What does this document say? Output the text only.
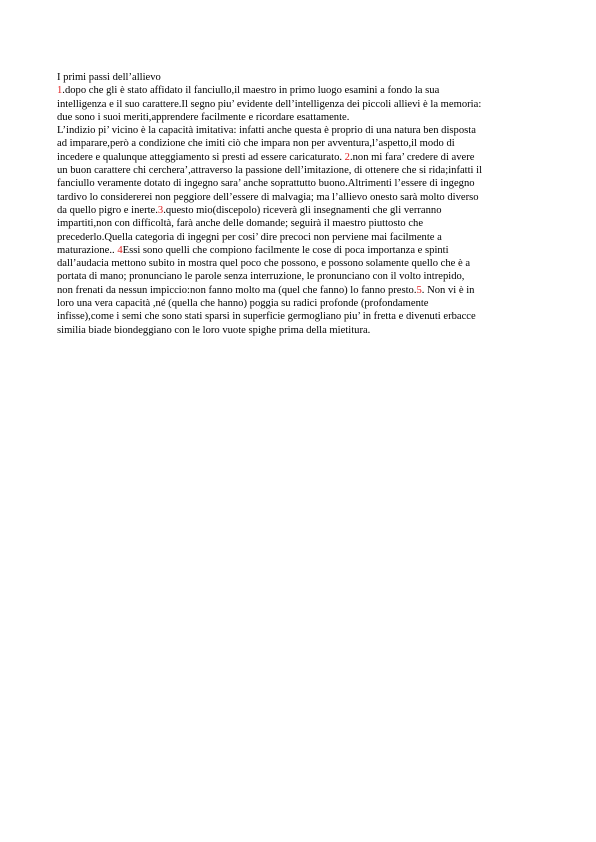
I primi passi dell’allievo
1.dopo che gli è stato affidato il fanciullo,il maestro in primo luogo esamini a fondo la sua
intelligenza e il suo carattere.Il segno piu’ evidente dell’intelligenza dei piccoli allievi è la memoria:
due sono i suoi meriti,apprendere facilmente e ricordare esattamente.
L’indizio pi’ vicino è la capacità imitativa: infatti anche questa è proprio di una natura ben disposta
ad imparare,però a condizione che imiti ciò che impara non per avventura,l’aspetto,il modo di
incedere e qualunque atteggiamento si presti ad essere caricaturato. 2.non mi fara’ credere di avere
un buon carattere chi cerchera’,attraverso la passione dell’imitazione, di ottenere che si rida;infatti il
fanciullo veramente dotato di ingegno sara’ anche soprattutto buono.Altrimenti l’essere di ingegno
tardivo lo considererei non peggiore dell’essere di malvagia; ma l’allievo onesto sarà molto diverso
da quello pigro e inerte.3.questo mio(discepolo) riceverà gli insegnamenti che gli verranno
impartiti,non con difficoltà, farà anche delle domande; seguirà il maestro piuttosto che
precederlo.Quella categoria di ingegni per cosi’ dire precoci non perviene mai facilmente a
maturazione.. 4Essi sono quelli che compiono facilmente le cose di poca importanza e spinti
dall’audacia mettono subito in mostra quel poco che possono, e possono solamente quello che è a
portata di mano; pronunciano le parole senza interruzione, le pronunciano con il volto intrepido,
non frenati da nessun impiccio:non fanno molto ma (quel che fanno) lo fanno presto.5. Non vi è in
loro una vera capacità ,né (quella che hanno) poggia su radici profonde (profondamente
infisse),come i semi che sono stati sparsi in superficie germogliano piu’ in fretta e divenuti erbacce
similia biade biondeggiano con le loro vuote spighe prima della mietitura.
